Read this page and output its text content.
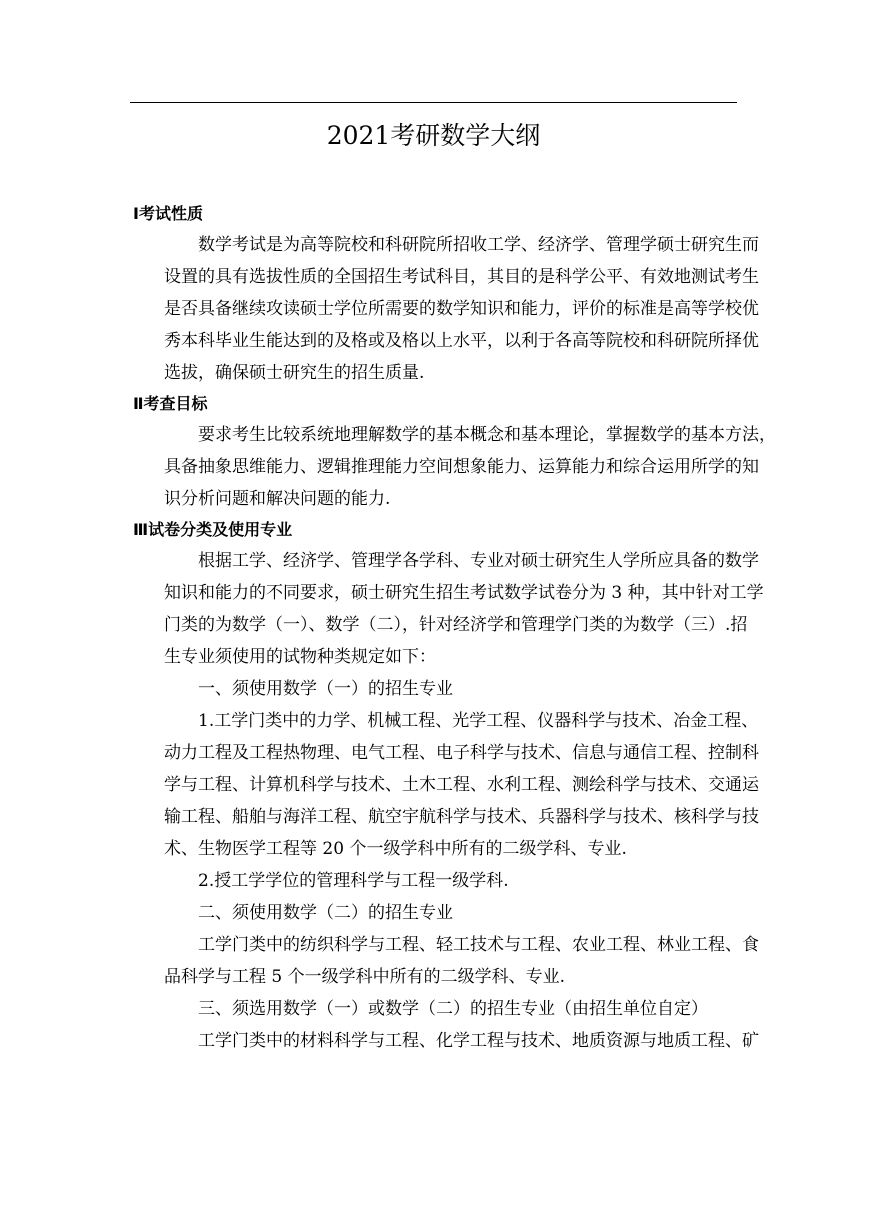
2021考研数学大纲
Ⅰ考试性质
数学考试是为高等院校和科研院所招收工学、经济学、管理学硕士研究生而
设置的具有选拔性质的全国招生考试科目，其目的是科学公平、有效地测试考生
是否具备继续攻读硕士学位所需要的数学知识和能力，评价的标准是高等学校优
秀本科毕业生能达到的及格或及格以上水平，以利于各高等院校和科研院所择优
选拔，确保硕士研究生的招生质量.
Ⅱ考查目标
要求考生比较系统地理解数学的基本概念和基本理论，掌握数学的基本方法，
具备抽象思维能力、逻辑推理能力空间想象能力、运算能力和综合运用所学的知
识分析问题和解决问题的能力.
Ⅲ试卷分类及使用专业
根据工学、经济学、管理学各学科、专业对硕士研究生人学所应具备的数学
知识和能力的不同要求，硕士研究生招生考试数学试卷分为 3 种，其中针对工学
门类的为数学（一）、数学（二），针对经济学和管理学门类的为数学（三）.招
生专业须使用的试物种类规定如下：
一、须使用数学（一）的招生专业
1.工学门类中的力学、机械工程、光学工程、仪器科学与技术、冶金工程、
动力工程及工程热物理、电气工程、电子科学与技术、信息与通信工程、控制科
学与工程、计算机科学与技术、土木工程、水利工程、测绘科学与技术、交通运
输工程、船舶与海洋工程、航空宇航科学与技术、兵器科学与技术、核科学与技
术、生物医学工程等 20 个一级学科中所有的二级学科、专业.
2.授工学学位的管理科学与工程一级学科.
二、须使用数学（二）的招生专业
工学门类中的纺织科学与工程、轻工技术与工程、农业工程、林业工程、食
品科学与工程 5 个一级学科中所有的二级学科、专业.
三、须选用数学（一）或数学（二）的招生专业（由招生单位自定）
工学门类中的材料科学与工程、化学工程与技术、地质资源与地质工程、矿
